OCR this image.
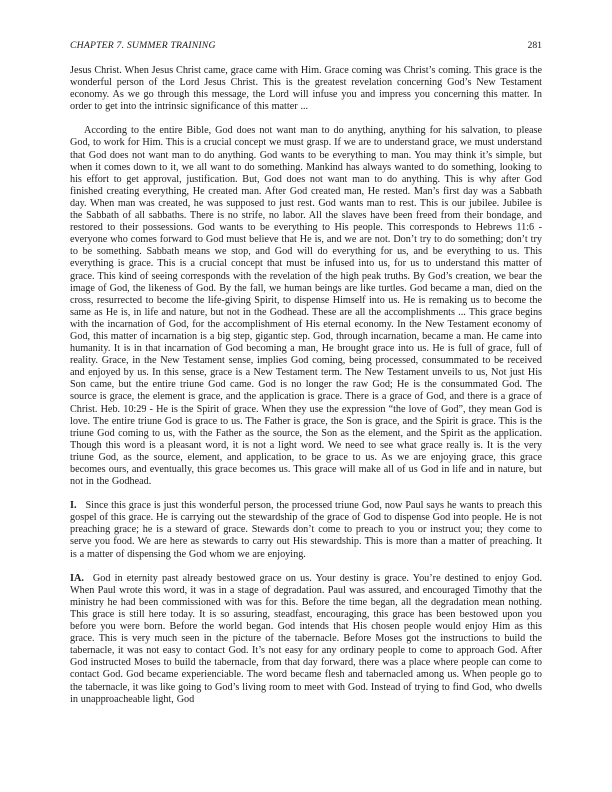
CHAPTER 7. SUMMER TRAINING	281

Jesus Christ. When Jesus Christ came, grace came with Him. Grace coming was Christ’s coming. This grace is the wonderful person of the Lord Jesus Christ. This is the greatest revelation concerning God’s New Testament economy. As we go through this message, the Lord will infuse you and impress you concerning this matter. In order to get into the intrinsic significance of this matter ...

According to the entire Bible, God does not want man to do anything, anything for his salvation, to please God, to work for Him. This is a crucial concept we must grasp. If we are to understand grace, we must understand that God does not want man to do anything. God wants to be everything to man. You may think it’s simple, but when it comes down to it, we all want to do something. Mankind has always wanted to do something, looking to his effort to get approval, justification. But, God does not want man to do anything. This is why after God finished creating everything, He created man. After God created man, He rested. Man’s first day was a Sabbath day. When man was created, he was supposed to just rest. God wants man to rest. This is our jubilee. Jubilee is the Sabbath of all sabbaths. There is no strife, no labor. All the slaves have been freed from their bondage, and restored to their possessions. God wants to be everything to His people. This corresponds to Hebrews 11:6 - everyone who comes forward to God must believe that He is, and we are not. Don’t try to do something; don’t try to be something. Sabbath means we stop, and God will do everything for us, and be everything to us. This everything is grace. This is a crucial concept that must be infused into us, for us to understand this matter of grace. This kind of seeing corresponds with the revelation of the high peak truths. By God’s creation, we bear the image of God, the likeness of God. By the fall, we human beings are like turtles. God became a man, died on the cross, resurrected to become the life-giving Spirit, to dispense Himself into us. He is remaking us to become the same as He is, in life and nature, but not in the Godhead. These are all the accomplishments ... This grace begins with the incarnation of God, for the accomplishment of His eternal economy. In the New Testament economy of God, this matter of incarnation is a big step, gigantic step. God, through incarnation, became a man. He came into humanity. It is in that incarnation of God becoming a man, He brought grace into us. He is full of grace, full of reality. Grace, in the New Testament sense, implies God coming, being processed, consummated to be received and enjoyed by us. In this sense, grace is a New Testament term. The New Testament unveils to us, Not just His Son came, but the entire triune God came. God is no longer the raw God; He is the consummated God. The source is grace, the element is grace, and the application is grace. There is a grace of God, and there is a grace of Christ. Heb. 10:29 - He is the Spirit of grace. When they use the expression “the love of God”, they mean God is love. The entire triune God is grace to us. The Father is grace, the Son is grace, and the Spirit is grace. This is the triune God coming to us, with the Father as the source, the Son as the element, and the Spirit as the application. Though this word is a pleasant word, it is not a light word. We need to see what grace really is. It is the very triune God, as the source, element, and application, to be grace to us. As we are enjoying grace, this grace becomes ours, and eventually, this grace becomes us. This grace will make all of us God in life and in nature, but not in the Godhead.

I. Since this grace is just this wonderful person, the processed triune God, now Paul says he wants to preach this gospel of this grace. He is carrying out the stewardship of the grace of God to dispense God into people. He is not preaching grace; he is a steward of grace. Stewards don’t come to preach to you or instruct you; they come to serve you food. We are here as stewards to carry out His stewardship. This is more than a matter of preaching. It is a matter of dispensing the God whom we are enjoying.

IA. God in eternity past already bestowed grace on us. Your destiny is grace. You’re destined to enjoy God. When Paul wrote this word, it was in a stage of degradation. Paul was assured, and encouraged Timothy that the ministry he had been commissioned with was for this. Before the time began, all the degradation mean nothing. This grace is still here today. It is so assuring, steadfast, encouraging, this grace has been bestowed upon you before you were born. Before the world began. God intends that His chosen people would enjoy Him as this grace. This is very much seen in the picture of the tabernacle. Before Moses got the instructions to build the tabernacle, it was not easy to contact God. It’s not easy for any ordinary people to come to approach God. After God instructed Moses to build the tabernacle, from that day forward, there was a place where people can come to contact God. God became experienciable. The word became flesh and tabernacled among us. When people go to the tabernacle, it was like going to God’s living room to meet with God. Instead of trying to find God, who dwells in unapproacheable light, God
